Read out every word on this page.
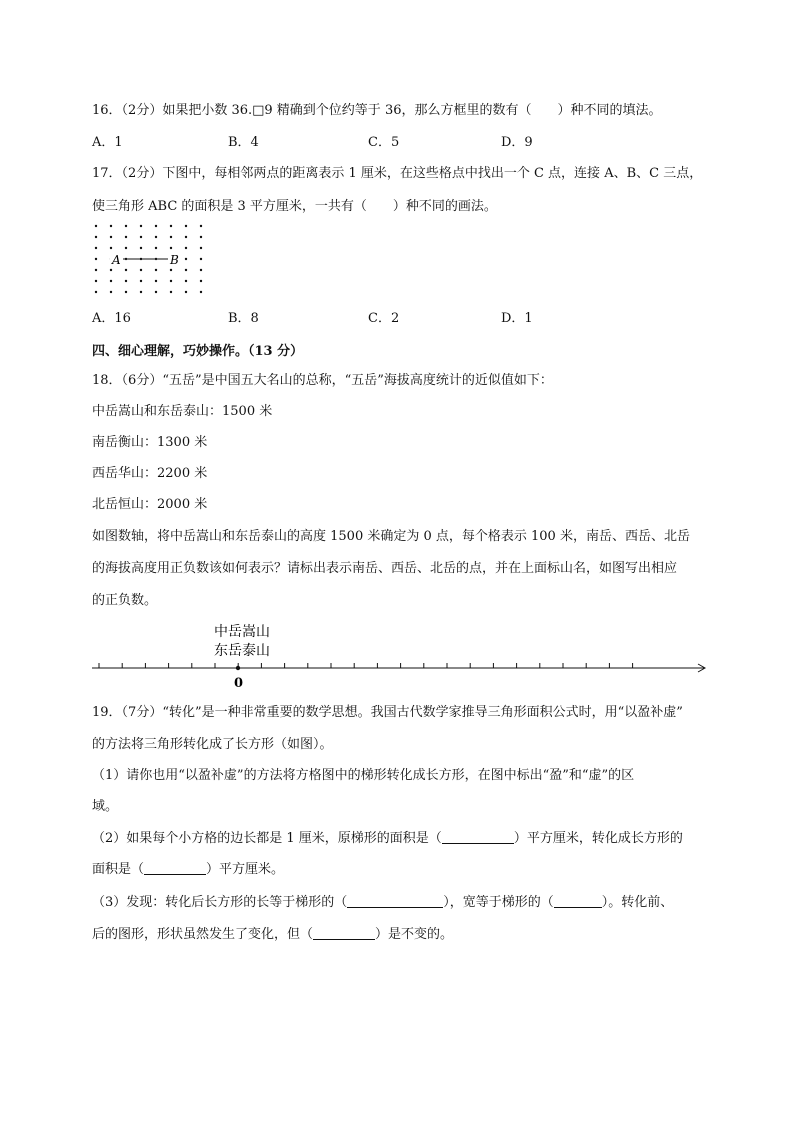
16．（2分）如果把小数 36.□9 精确到个位约等于 36，那么方框里的数有（　　）种不同的填法。
A．1	B．4	C．5	D．9
17．（2分）下图中，每相邻两点的距离表示 1 厘米，在这些格点中找出一个 C 点，连接 A、B、C 三点，
使三角形 ABC 的面积是 3 平方厘米，一共有（　　）种不同的画法。
A	B
A．16	B．8	C．2	D．1
四、细心理解，巧妙操作。（13 分）
18．（6分）“五岳”是中国五大名山的总称，“五岳”海拔高度统计的近似值如下：
中岳嵩山和东岳泰山：1500 米
南岳衡山：1300 米
西岳华山：2200 米
北岳恒山：2000 米
如图数轴，将中岳嵩山和东岳泰山的高度 1500 米确定为 0 点，每个格表示 100 米，南岳、西岳、北岳
的海拔高度用正负数该如何表示？请标出表示南岳、西岳、北岳的点，并在上面标山名，如图写出相应
的正负数。
中岳嵩山
东岳泰山
0
19．（7分）“转化”是一种非常重要的数学思想。我国古代数学家推导三角形面积公式时，用“以盈补虚”
的方法将三角形转化成了长方形（如图）。
（1）请你也用“以盈补虚”的方法将方格图中的梯形转化成长方形，在图中标出“盈”和“虚”的区
域。
（2）如果每个小方格的边长都是 1 厘米，原梯形的面积是（	）平方厘米，转化成长方形的
面积是（	）平方厘米。
（3）发现：转化后长方形的长等于梯形的（	），宽等于梯形的（	）。转化前、
后的图形，形状虽然发生了变化，但（	）是不变的。
